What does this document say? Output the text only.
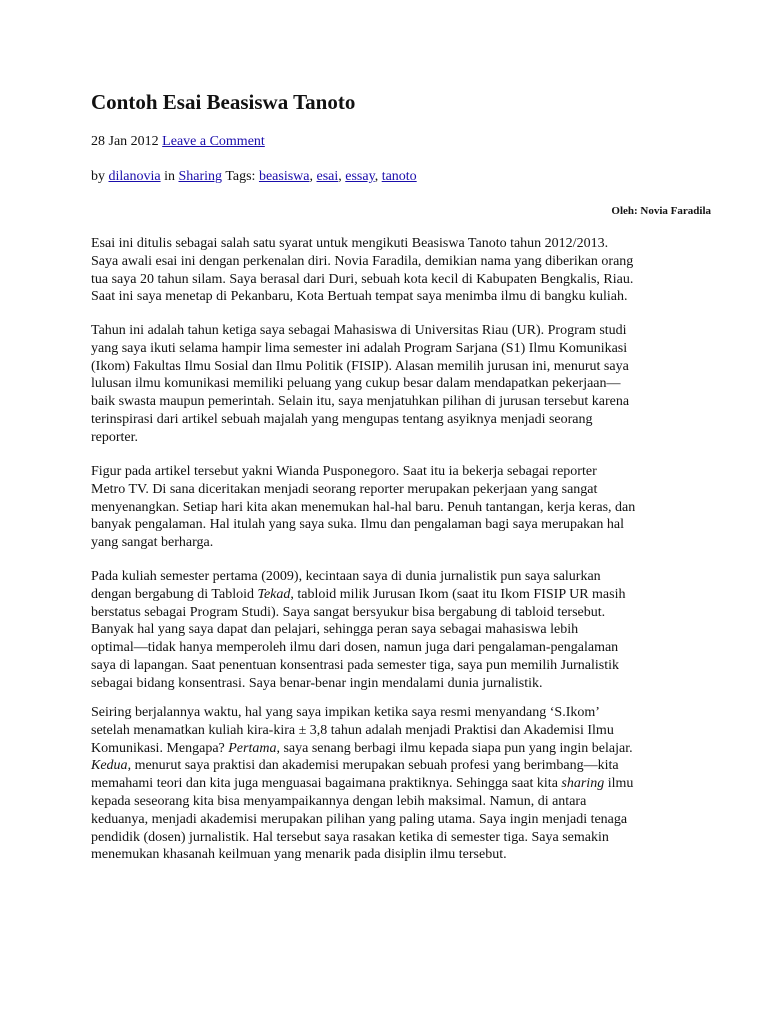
Contoh Esai Beasiswa Tanoto
28 Jan 2012 Leave a Comment
by dilanovia in Sharing Tags: beasiswa, esai, essay, tanoto
Oleh: Novia Faradila

Esai ini ditulis sebagai salah satu syarat untuk mengikuti Beasiswa Tanoto tahun 2012/2013.
Saya awali esai ini dengan perkenalan diri. Novia Faradila, demikian nama yang diberikan orang
tua saya 20 tahun silam. Saya berasal dari Duri, sebuah kota kecil di Kabupaten Bengkalis, Riau.
Saat ini saya menetap di Pekanbaru, Kota Bertuah tempat saya menimba ilmu di bangku kuliah.

Tahun ini adalah tahun ketiga saya sebagai Mahasiswa di Universitas Riau (UR). Program studi
yang saya ikuti selama hampir lima semester ini adalah Program Sarjana (S1) Ilmu Komunikasi
(Ikom) Fakultas Ilmu Sosial dan Ilmu Politik (FISIP). Alasan memilih jurusan ini, menurut saya
lulusan ilmu komunikasi memiliki peluang yang cukup besar dalam mendapatkan pekerjaan—
baik swasta maupun pemerintah. Selain itu, saya menjatuhkan pilihan di jurusan tersebut karena
terinspirasi dari artikel sebuah majalah yang mengupas tentang asyiknya menjadi seorang
reporter.

Figur pada artikel tersebut yakni Wianda Pusponegoro. Saat itu ia bekerja sebagai reporter
Metro TV. Di sana diceritakan menjadi seorang reporter merupakan pekerjaan yang sangat
menyenangkan. Setiap hari kita akan menemukan hal-hal baru. Penuh tantangan, kerja keras, dan
banyak pengalaman. Hal itulah yang saya suka. Ilmu dan pengalaman bagi saya merupakan hal
yang sangat berharga.

Pada kuliah semester pertama (2009), kecintaan saya di dunia jurnalistik pun saya salurkan
dengan bergabung di Tabloid Tekad, tabloid milik Jurusan Ikom (saat itu Ikom FISIP UR masih
berstatus sebagai Program Studi). Saya sangat bersyukur bisa bergabung di tabloid tersebut.
Banyak hal yang saya dapat dan pelajari, sehingga peran saya sebagai mahasiswa lebih
optimal—tidak hanya memperoleh ilmu dari dosen, namun juga dari pengalaman-pengalaman
saya di lapangan. Saat penentuan konsentrasi pada semester tiga, saya pun memilih Jurnalistik
sebagai bidang konsentrasi. Saya benar-benar ingin mendalami dunia jurnalistik.

Seiring berjalannya waktu, hal yang saya impikan ketika saya resmi menyandang ‘S.Ikom’
setelah menamatkan kuliah kira-kira ± 3,8 tahun adalah menjadi Praktisi dan Akademisi Ilmu
Komunikasi. Mengapa? Pertama, saya senang berbagi ilmu kepada siapa pun yang ingin belajar.
Kedua, menurut saya praktisi dan akademisi merupakan sebuah profesi yang berimbang—kita
memahami teori dan kita juga menguasai bagaimana praktiknya. Sehingga saat kita sharing ilmu
kepada seseorang kita bisa menyampaikannya dengan lebih maksimal. Namun, di antara
keduanya, menjadi akademisi merupakan pilihan yang paling utama. Saya ingin menjadi tenaga
pendidik (dosen) jurnalistik. Hal tersebut saya rasakan ketika di semester tiga. Saya semakin
menemukan khasanah keilmuan yang menarik pada disiplin ilmu tersebut.
